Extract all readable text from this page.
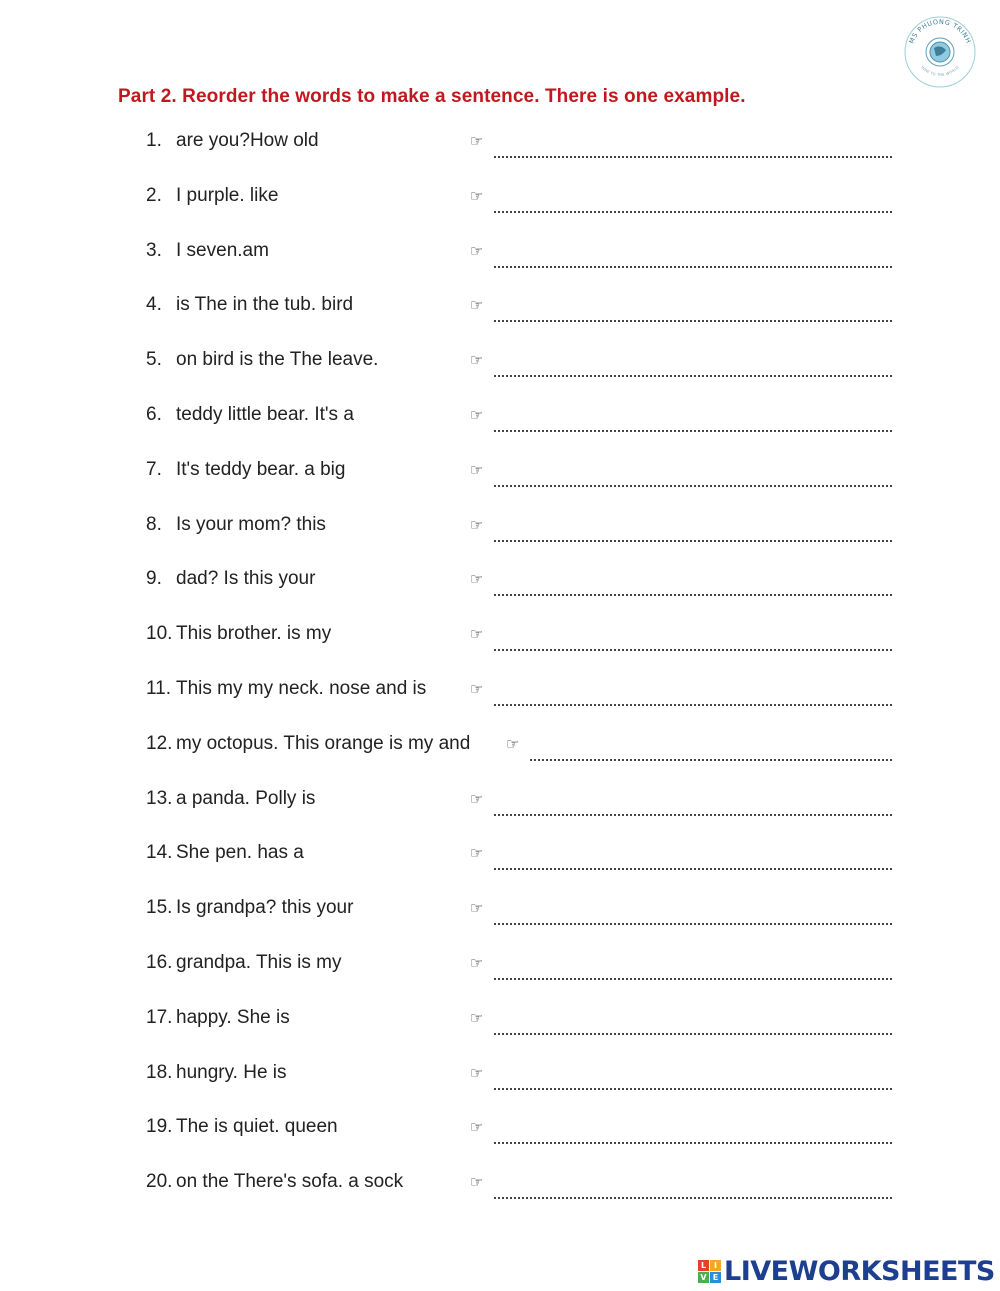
MS PHUONG TRINH
HOW TO THE WORLD
Part 2. Reorder the words to make a sentence. There is one example.
1. are you?How old	☞
2. I purple. like	☞
3. I seven.am	☞
4. is The in the tub. bird	☞
5. on bird is the The leave.	☞
6. teddy little bear. It's a	☞
7. It's teddy bear. a big	☞
8. Is your mom? this	☞
9. dad? Is this your	☞
10. This brother. is my	☞
11. This my my neck. nose and is	☞
12. my octopus. This orange is my and ☞
13. a panda. Polly is	☞
14. She pen. has a	☞
15. Is grandpa? this your	☞
16. grandpa. This is my	☞
17. happy. She is	☞
18. hungry. He is	☞
19. The is quiet. queen	☞
20. on the There's sofa. a sock	☞
L I
V E LIVEWORKSHEETS
